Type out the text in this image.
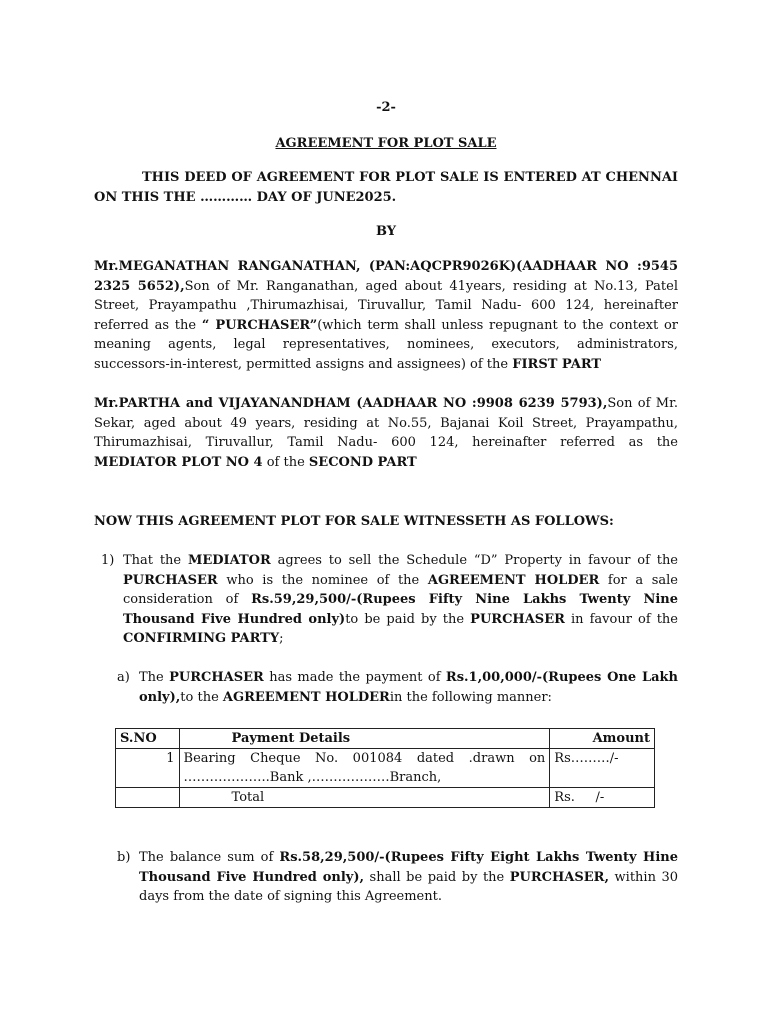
-2-
AGREEMENT FOR PLOT SALE
THIS DEED OF AGREEMENT FOR PLOT SALE IS ENTERED AT CHENNAI ON THIS THE ………… DAY OF JUNE2025.
BY
Mr.MEGANATHAN RANGANATHAN, (PAN:AQCPR9026K)(AADHAAR NO :9545 2325 5652),Son of Mr. Ranganathan, aged about 41years, residing at No.13, Patel Street, Prayampathu ,Thirumazhisai, Tiruvallur, Tamil Nadu- 600 124, hereinafter referred as the “ PURCHASER”(which term shall unless repugnant to the context or meaning agents, legal representatives, nominees, executors, administrators, successors-in-interest, permitted assigns and assignees) of the FIRST PART
Mr.PARTHA and VIJAYANANDHAM (AADHAAR NO :9908 6239 5793),Son of Mr. Sekar, aged about 49 years, residing at No.55, Bajanai Koil Street, Prayampathu, Thirumazhisai, Tiruvallur, Tamil Nadu- 600 124, hereinafter referred as the MEDIATOR PLOT NO 4 of the SECOND PART
NOW THIS AGREEMENT PLOT FOR SALE WITNESSETH AS FOLLOWS:
1) That the MEDIATOR agrees to sell the Schedule “D” Property in favour of the PURCHASER who is the nominee of the AGREEMENT HOLDER for a sale consideration of Rs.59,29,500/-(Rupees Fifty Nine Lakhs Twenty Nine Thousand Five Hundred only)to be paid by the PURCHASER in favour of the CONFIRMING PARTY;
a) The PURCHASER has made the payment of Rs.1,00,000/-(Rupees One Lakh only),to the AGREEMENT HOLDERin the following manner:
S.NO	Payment Details	Amount
1	Bearing Cheque No. 001084 dated .drawn on
………………..Bank ,………………Branch,	Rs………/-
	Total	Rs.     /-
b) The balance sum of Rs.58,29,500/-(Rupees Fifty Eight Lakhs Twenty Hine Thousand Five Hundred only), shall be paid by the PURCHASER, within 30 days from the date of signing this Agreement.
